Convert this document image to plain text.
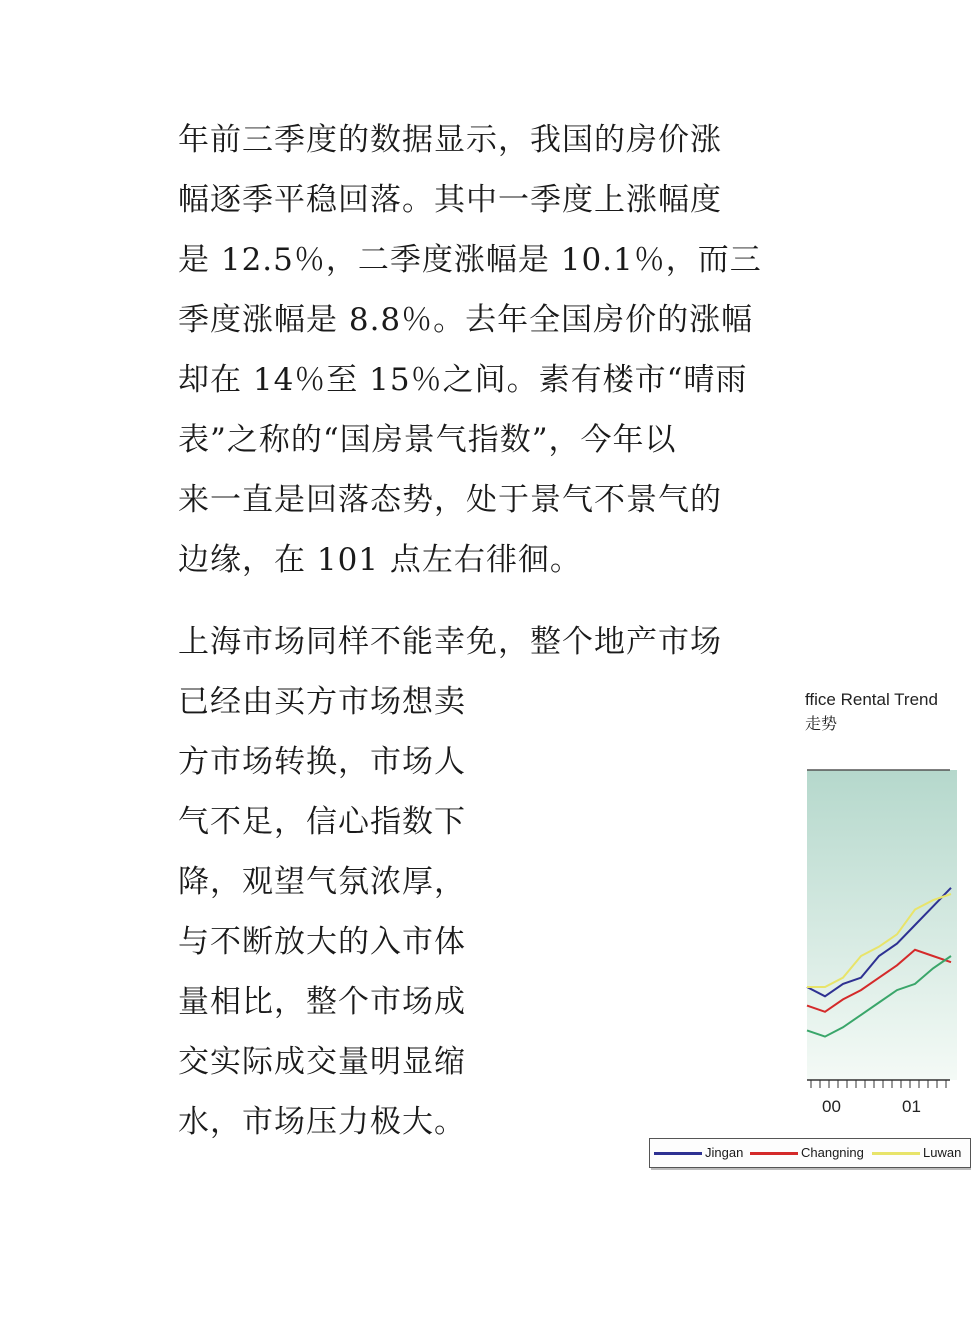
年前三季度的数据显示，我国的房价涨
幅逐季平稳回落。其中一季度上涨幅度
是 12.5％，二季度涨幅是 10.1％，而三
季度涨幅是 8.8％。去年全国房价的涨幅
却在 14％至 15％之间。素有楼市“晴雨
表”之称的“国房景气指数”，今年以
来一直是回落态势，处于景气不景气的
边缘，在 101 点左右徘徊。
上海市场同样不能幸免，整个地产市场
已经由买方市场想卖
方市场转换，市场人
气不足，信心指数下
降，观望气氛浓厚，
与不断放大的入市体
量相比，整个市场成
交实际成交量明显缩
水，市场压力极大。
ffice Rental Trend
走势
00	01
Jingan	Changning	Luwan
